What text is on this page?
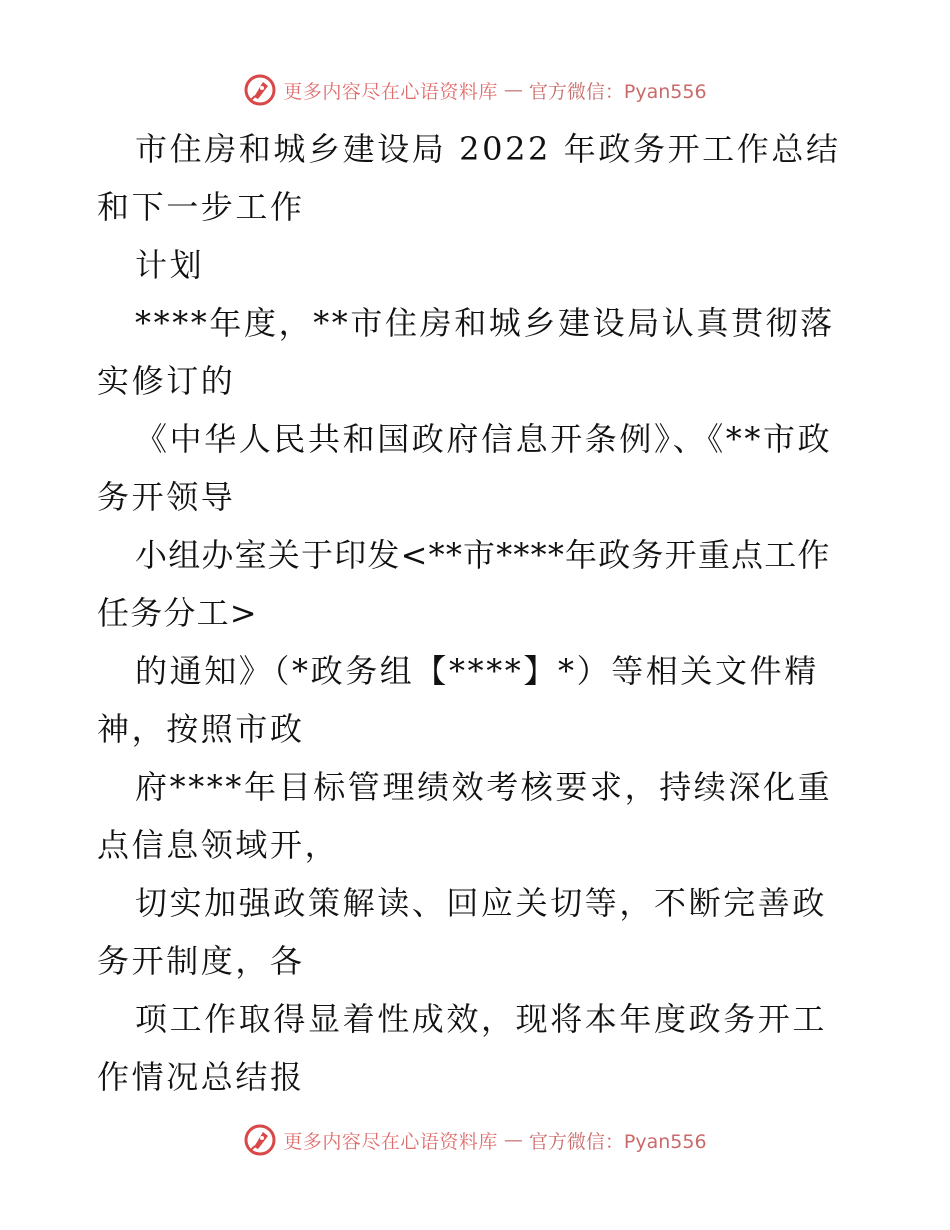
更多内容尽在心语资料库 — 官方微信：Pyan556

市住房和城乡建设局 2022 年政务开工作总结和下一步工作

计划

****年度，**市住房和城乡建设局认真贯彻落实修订的

《中华人民共和国政府信息开条例》、《**市政务开领导

小组办室关于印发<**市****年政务开重点工作任务分工>

的通知》（*政务组【****】*）等相关文件精神，按照市政

府****年目标管理绩效考核要求，持续深化重点信息领域开，

切实加强政策解读、回应关切等，不断完善政务开制度，各

项工作取得显着性成效，现将本年度政务开工作情况总结报

更多内容尽在心语资料库 — 官方微信：Pyan556
